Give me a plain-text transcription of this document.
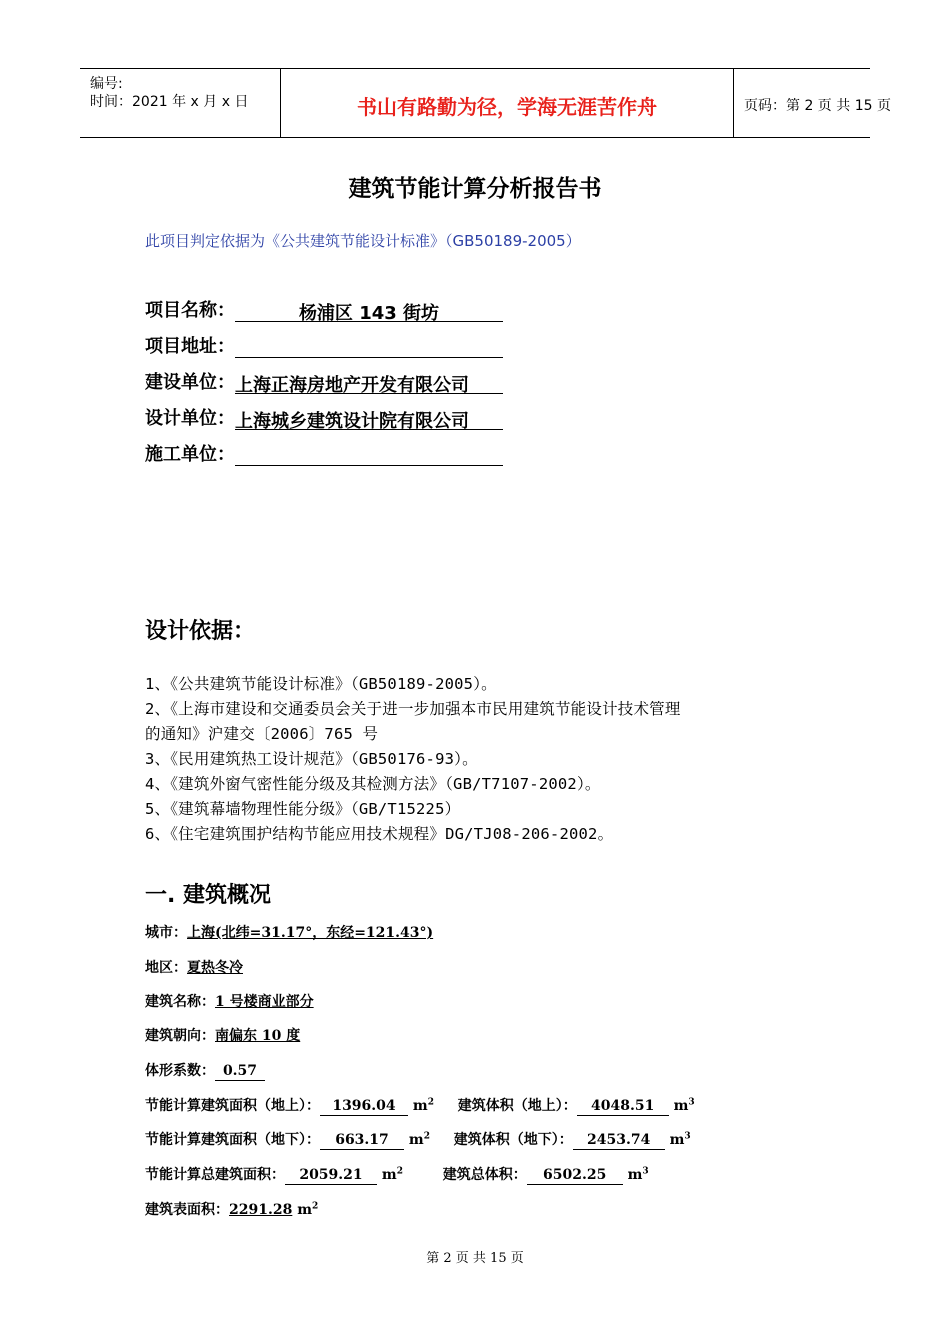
编号:
时间：2021 年 x 月 x 日	书山有路勤为径，学海无涯苦作舟	页码：第 2 页 共 15 页
建筑节能计算分析报告书
此项目判定依据为《公共建筑节能设计标准》（GB50189-2005）
项目名称：	杨浦区 143 街坊
项目地址：
建设单位：上海正海房地产开发有限公司
设计单位：上海城乡建筑设计院有限公司
施工单位：
设计依据：
1、《公共建筑节能设计标准》（GB50189-2005）。
2、《上海市建设和交通委员会关于进一步加强本市民用建筑节能设计技术管理
的通知》沪建交〔2006〕765 号
3、《民用建筑热工设计规范》（GB50176-93）。
4、《建筑外窗气密性能分级及其检测方法》（GB/T7107-2002）。
5、《建筑幕墙物理性能分级》（GB/T15225）
6、《住宅建筑围护结构节能应用技术规程》DG/TJ08-206-2002。
一. 建筑概况
城市：上海(北纬=31.17°，东经=121.43°)
地区：夏热冬冷
建筑名称：1 号楼商业部分
建筑朝向：南偏东 10 度
体形系数： 0.57
节能计算建筑面积（地上）： 1396.04 $m^2$ 建筑体积（地上）： 4048.51 $m^3$
节能计算建筑面积（地下）： 663.17 $m^2$ 建筑体积（地下）： 2453.74 $m^3$
节能计算总建筑面积： 2059.21 $m^2$	建筑总体积： 6502.25 $m^3$
建筑表面积：2291.28 $m^2$
第 2 页 共 15 页
